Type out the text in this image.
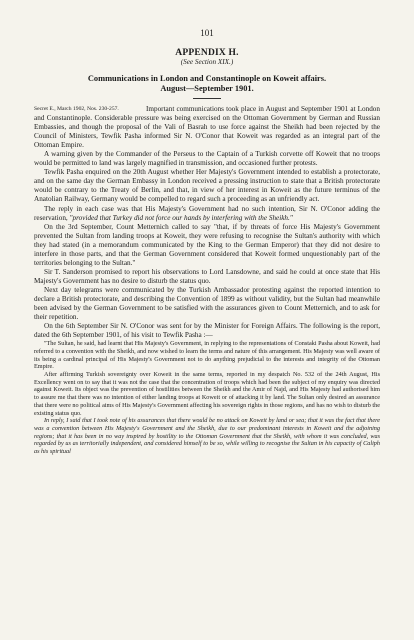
101
APPENDIX H.
(See Section XIX.)
Communications in London and Constantinople on Koweit affairs.
August—September 1901.
Secret E., March 1902, Nos. 230-257.	Important communications took place in August and September 1901 at London and Constantinople. Considerable pressure was being exercised on the Ottoman Government by German and Russian Embassies, and though the proposal of the Vali of Basrah to use force against the Sheikh had been rejected by the Council of Ministers, Tewfik Pasha informed Sir N. O'Conor that Koweit was regarded as an integral part of the Ottoman Empire.

A warning given by the Commander of the Perseus to the Captain of a Turkish corvette off Koweit that no troops would be permitted to land was largely magnified in transmission, and occasioned further protests.

Tewfik Pasha enquired on the 20th August whether Her Majesty's Government intended to establish a protectorate, and on the same day the German Embassy in London received a pressing instruction to state that a British protectorate would be contrary to the Treaty of Berlin, and that, in view of her interest in Koweit as the future terminus of the Anatolian Railway, Germany would be compelled to regard such a proceeding as an unfriendly act.

The reply in each case was that His Majesty's Government had no such intention, Sir N. O'Conor adding the reservation, "provided that Turkey did not force our hands by interfering with the Sheikh."

On the 3rd September, Count Metternich called to say "that, if by threats of force His Majesty's Government prevented the Sultan from landing troops at Koweit, they were refusing to recognise the Sultan's authority with which they had stated (in a memorandum communicated by the King to the German Emperor) that they did not desire to interfere in those parts, and that the German Government considered that Koweit formed unquestionably part of the territories belonging to the Sultan."

Sir T. Sanderson promised to report his observations to Lord Lansdowne, and said he could at once state that His Majesty's Government has no desire to disturb the status quo.

Next day telegrams were communicated by the Turkish Ambassador protesting against the reported intention to declare a British protectorate, and describing the Convention of 1899 as without validity, but the Sultan had meanwhile been advised by the German Government to be satisfied with the assurances given to Count Metternich, and to ask for their repetition.

On the 6th September Sir N. O'Conor was sent for by the Minister for Foreign Affairs. The following is the report, dated the 6th September 1901, of his visit to Tewfik Pasha :—

"The Sultan, he said, had learnt that His Majesty's Government, in replying to the representations of Constaki Pasha about Koweit, had referred to a convention with the Sheikh, and now wished to learn the terms and nature of this arrangement. His Majesty was well aware of its being a cardinal principal of His Majesty's Government not to do anything prejudicial to the interests and integrity of the Ottoman Empire.

After affirming Turkish sovereignty over Koweit in the same terms, reported in my despatch No. 532 of the 24th August, His Excellency went on to say that it was not the case that the concentration of troops which had been the subject of my enquiry was directed against Koweit. Its object was the prevention of hostilities between the Sheikh and the Amir of Najd, and His Majesty had authorised him to assure me that there was no intention of either landing troops at Koweit or of attacking it by land. The Sultan only desired an assurance that there were no political aims of His Majesty's Government affecting his sovereign rights in those regions, and has no wish to disturb the existing status quo.

In reply, I said that I took note of his assurances that there would be no attack on Koweit by land or sea; that it was the fact that there was a convention between His Majesty's Government and the Sheikh, due to our predominant interests in Koweit and the adjoining regions; that it has been in no way inspired by hostility to the Ottoman Government that the Sheikh, with whom it was concluded, was regarded by us as territorially independent, and considered himself to be so, while willing to recognise the Sultan in his capacity of Caliph as his spiritual
